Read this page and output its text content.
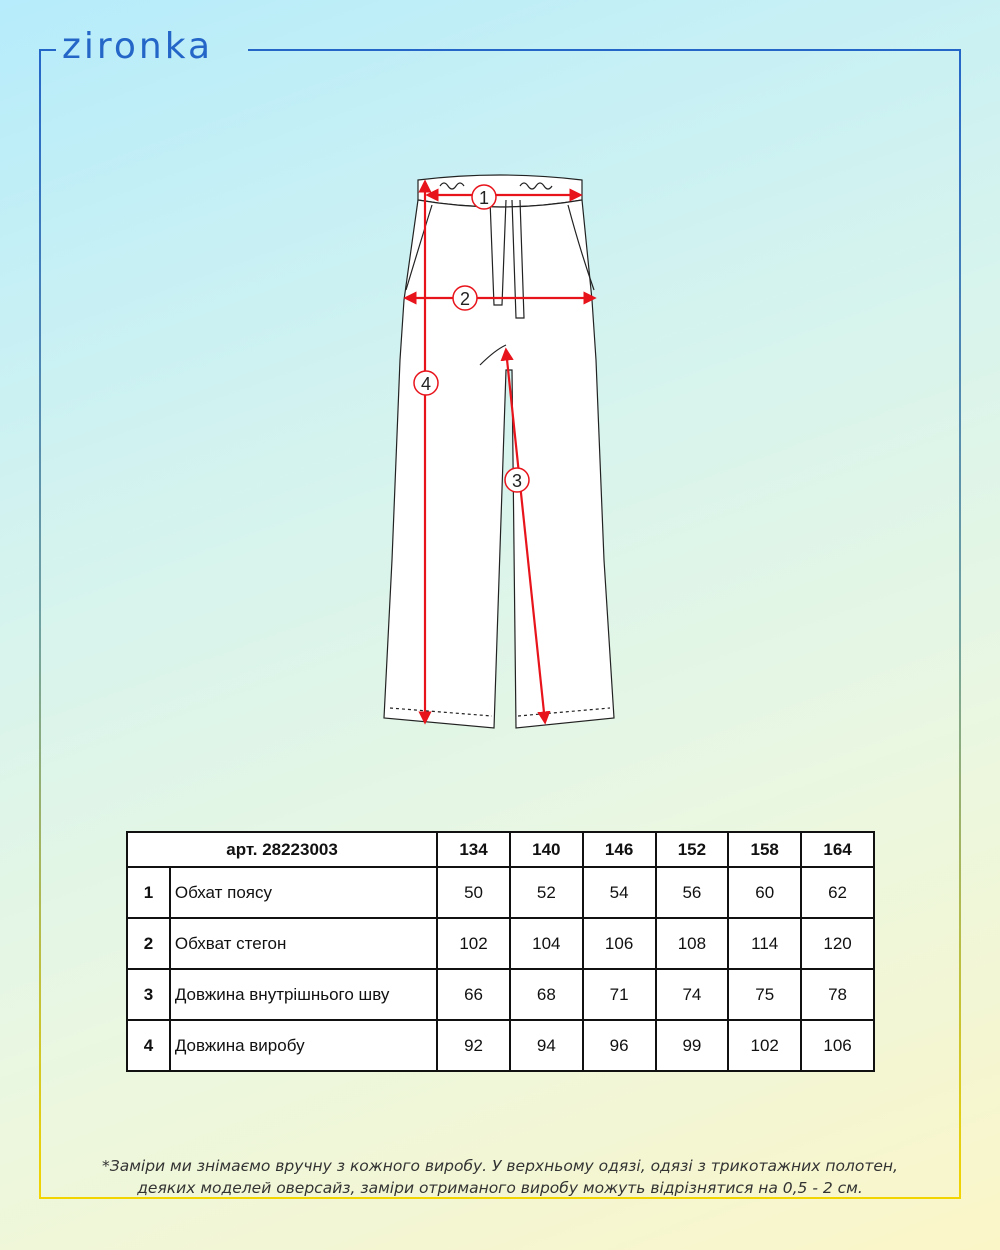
zironka
1
2
3
4
арт. 28223003		134	140	146	152	158	164
1	Обхат поясу	50	52	54	56	60	62
2	Обхват стегон	102	104	106	108	114	120
3	Довжина внутрішнього шву	66	68	71	74	75	78
4	Довжина виробу	92	94	96	99	102	106
*Заміри ми знімаємо вручну з кожного виробу. У верхньому одязі, одязі з трикотажних полотен,
деяких моделей оверсайз, заміри отриманого виробу можуть відрізнятися на 0,5 - 2 см.
